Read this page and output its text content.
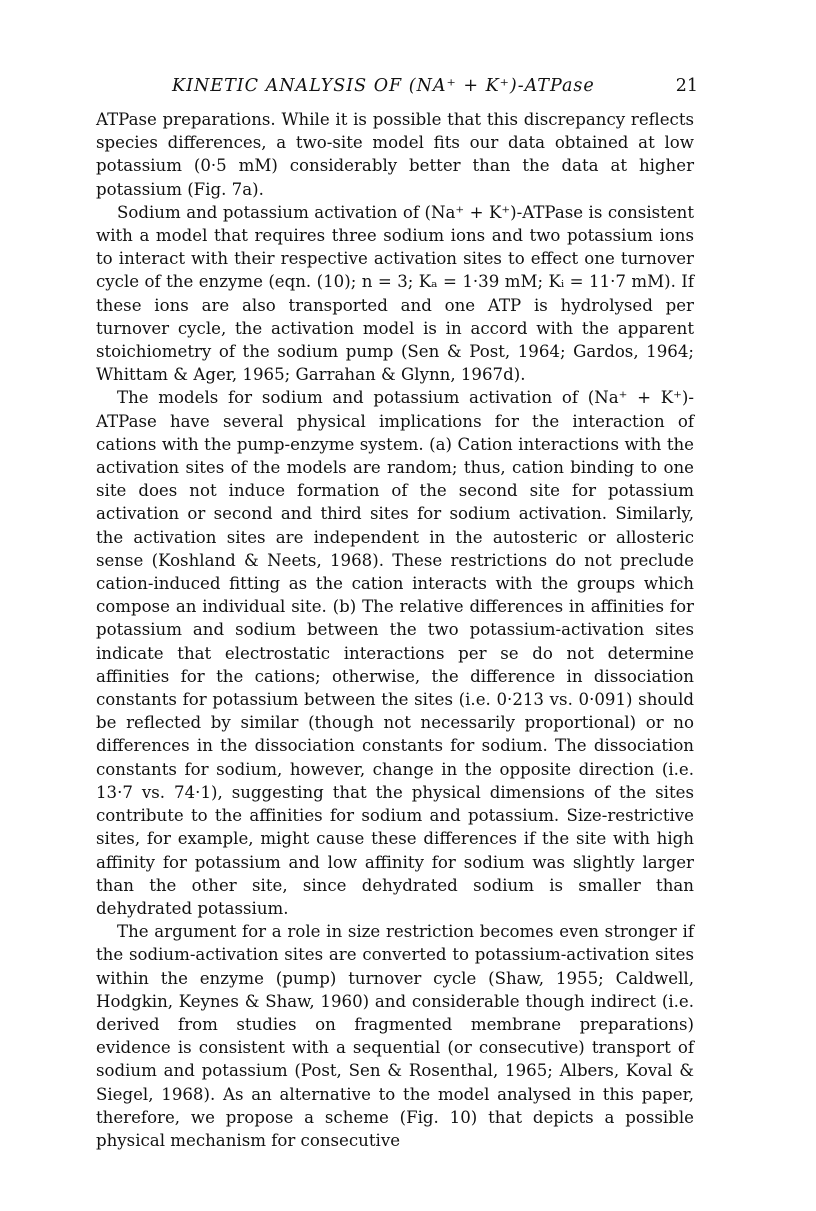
KINETIC ANALYSIS OF (NA⁺ + K⁺)-ATPase	21

ATPase preparations. While it is possible that this discrepancy reflects species differences, a two-site model fits our data obtained at low potassium (0·5 mM) considerably better than the data at higher potassium (Fig. 7a).

Sodium and potassium activation of (Na⁺ + K⁺)-ATPase is consistent with a model that requires three sodium ions and two potassium ions to interact with their respective activation sites to effect one turnover cycle of the enzyme (eqn. (10); n = 3; Kₐ = 1·39 mM; Kᵢ = 11·7 mM). If these ions are also transported and one ATP is hydrolysed per turnover cycle, the activation model is in accord with the apparent stoichiometry of the sodium pump (Sen & Post, 1964; Gardos, 1964; Whittam & Ager, 1965; Garrahan & Glynn, 1967d).

The models for sodium and potassium activation of (Na⁺ + K⁺)-ATPase have several physical implications for the interaction of cations with the pump-enzyme system. (a) Cation interactions with the activation sites of the models are random; thus, cation binding to one site does not induce formation of the second site for potassium activation or second and third sites for sodium activation. Similarly, the activation sites are independent in the autosteric or allosteric sense (Koshland & Neets, 1968). These restrictions do not preclude cation-induced fitting as the cation interacts with the groups which compose an individual site. (b) The relative differences in affinities for potassium and sodium between the two potassium-activation sites indicate that electrostatic interactions per se do not determine affinities for the cations; otherwise, the difference in dissociation constants for potassium between the sites (i.e. 0·213 vs. 0·091) should be reflected by similar (though not necessarily proportional) or no differences in the dissociation constants for sodium. The dissociation constants for sodium, however, change in the opposite direction (i.e. 13·7 vs. 74·1), suggesting that the physical dimensions of the sites contribute to the affinities for sodium and potassium. Size-restrictive sites, for example, might cause these differences if the site with high affinity for potassium and low affinity for sodium was slightly larger than the other site, since dehydrated sodium is smaller than dehydrated potassium.

The argument for a role in size restriction becomes even stronger if the sodium-activation sites are converted to potassium-activation sites within the enzyme (pump) turnover cycle (Shaw, 1955; Caldwell, Hodgkin, Keynes & Shaw, 1960) and considerable though indirect (i.e. derived from studies on fragmented membrane preparations) evidence is consistent with a sequential (or consecutive) transport of sodium and potassium (Post, Sen & Rosenthal, 1965; Albers, Koval & Siegel, 1968). As an alternative to the model analysed in this paper, therefore, we propose a scheme (Fig. 10) that depicts a possible physical mechanism for consecutive
